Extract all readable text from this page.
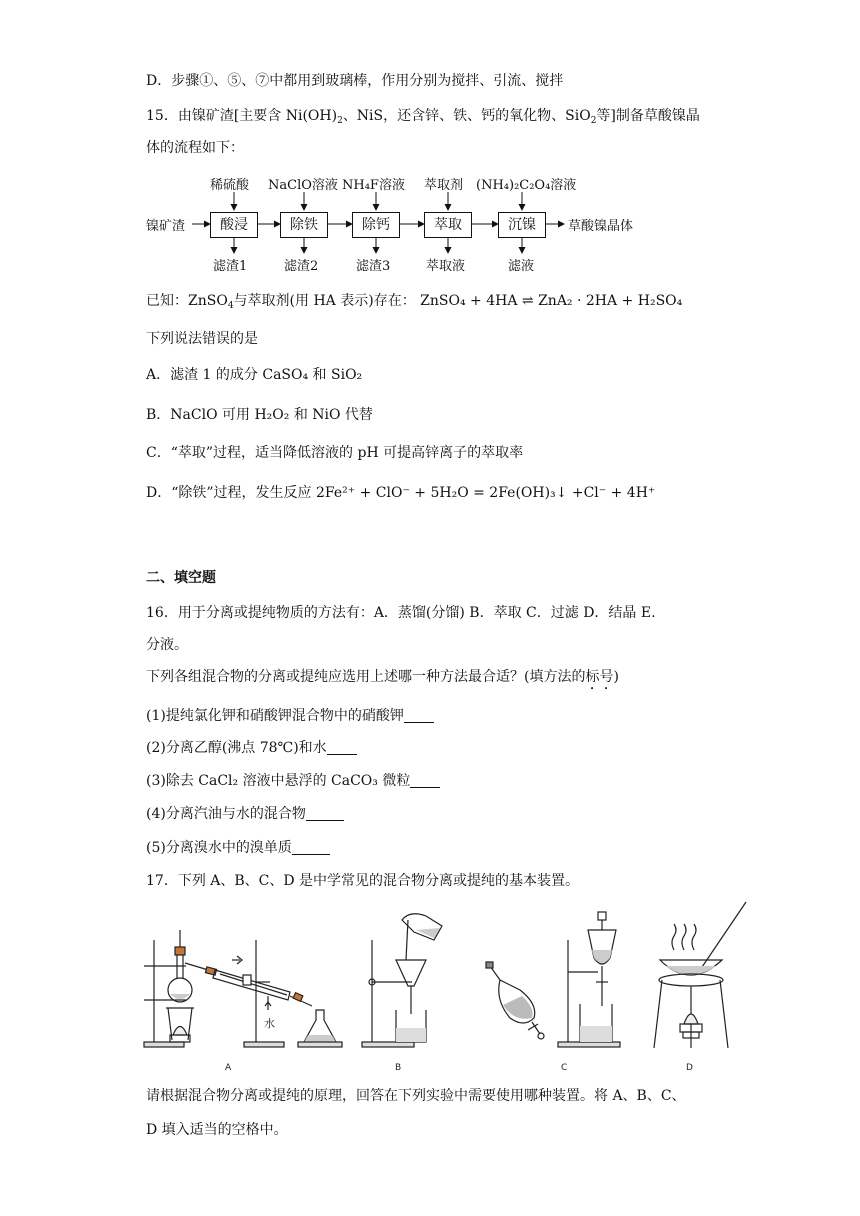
D．步骤①、⑤、⑦中都用到玻璃棒，作用分别为搅拌、引流、搅拌
15．由镍矿渣[主要含 $Ni(OH)_2$、NiS，还含锌、铁、钙的氧化物、SiO$_2$等]制备草酸镍晶
体的流程如下：
镍矿渣	草酸镍晶体
稀硫酸 NaClO溶液 NH₄F溶液 萃取剂 (NH₄)₂C₂O₄溶液
酸浸	除铁	除钙	萃取	沉镍
滤渣1	滤渣2	滤渣3	萃取液	滤液
已知：ZnSO$_4$与萃取剂(用 HA 表示)存在： ZnSO₄ + 4HA ⇌ ZnA₂ · 2HA + H₂SO₄
下列说法错误的是
A．滤渣 1 的成分 CaSO₄ 和 SiO₂
B．NaClO 可用 H₂O₂ 和 NiO 代替
C．“萃取”过程，适当降低溶液的 pH 可提高锌离子的萃取率
D．“除铁”过程，发生反应 2Fe²⁺ + ClO⁻ + 5H₂O = 2Fe(OH)₃↓ +Cl⁻ + 4H⁺
二、填空题
16．用于分离或提纯物质的方法有：A．蒸馏(分馏) B．萃取 C．过滤 D．结晶 E.
分液。
下列各组混合物的分离或提纯应选用上述哪一种方法最合适？(填方法的标号)
(1)提纯氯化钾和硝酸钾混合物中的硝酸钾
(2)分离乙醇(沸点 78℃)和水
(3)除去 CaCl₂ 溶液中悬浮的 CaCO₃ 微粒
(4)分离汽油与水的混合物
(5)分离溴水中的溴单质
17．下列 A、B、C、D 是中学常见的混合物分离或提纯的基本装置。
水
A	B	C	D
请根据混合物分离或提纯的原理，回答在下列实验中需要使用哪种装置。将 A、B、C、
D 填入适当的空格中。
